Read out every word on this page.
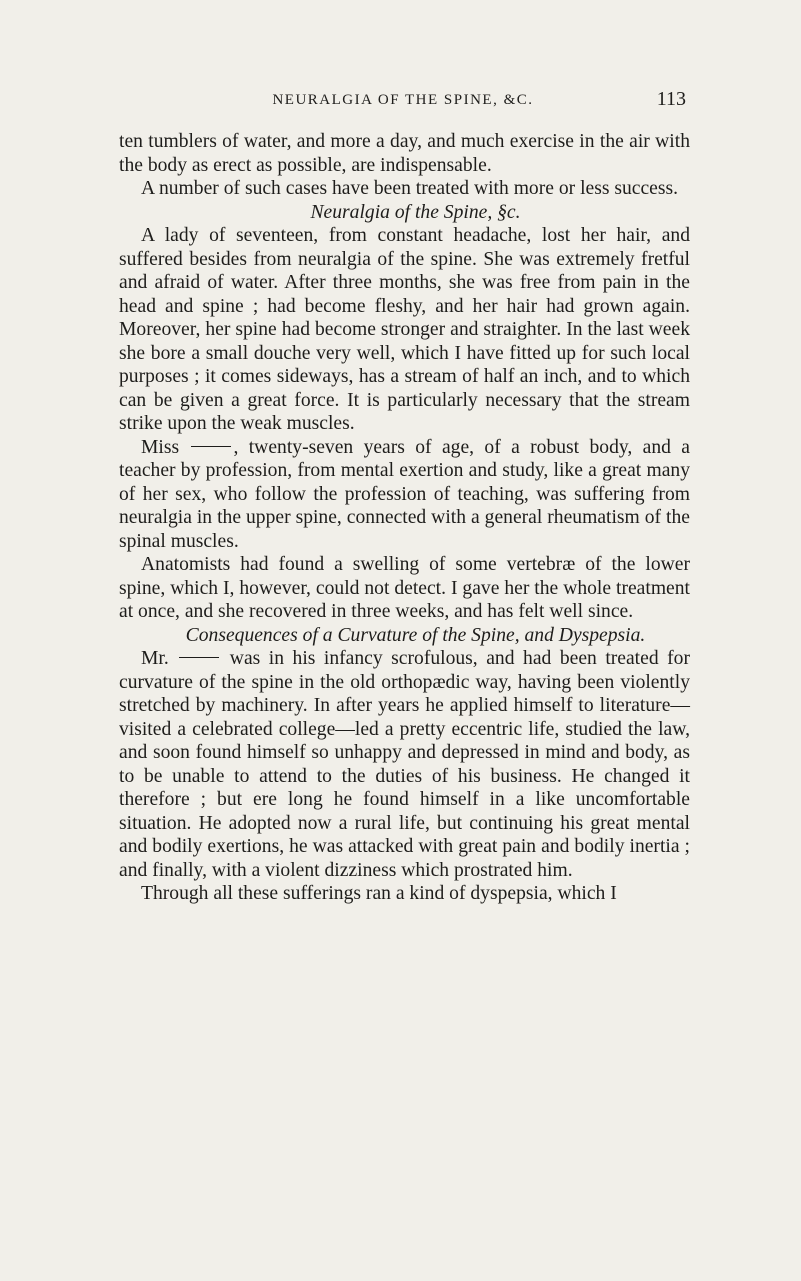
NEURALGIA OF THE SPINE, &C.	113

ten tumblers of water, and more a day, and much exercise in the air with the body as erect as possible, are indispensable.

A number of such cases have been treated with more or less success.

Neuralgia of the Spine, §c.

A lady of seventeen, from constant headache, lost her hair, and suffered besides from neuralgia of the spine. She was extremely fretful and afraid of water. After three months, she was free from pain in the head and spine ; had become fleshy, and her hair had grown again. Moreover, her spine had become stronger and straighter. In the last week she bore a small douche very well, which I have fitted up for such local purposes ; it comes sideways, has a stream of half an inch, and to which can be given a great force. It is particularly necessary that the stream strike upon the weak muscles.

Miss	, twenty-seven years of age, of a robust body, and a teacher by profession, from mental exertion and study, like a great many of her sex, who follow the profession of teaching, was suffering from neuralgia in the upper spine, connected with a general rheumatism of the spinal muscles.

Anatomists had found a swelling of some vertebræ of the lower spine, which I, however, could not detect. I gave her the whole treatment at once, and she recovered in three weeks, and has felt well since.

Consequences of a Curvature of the Spine, and Dyspepsia.

Mr.	was in his infancy scrofulous, and had been treated for curvature of the spine in the old orthopædic way, having been violently stretched by machinery. In after years he applied himself to literature—visited a celebrated college—led a pretty eccentric life, studied the law, and soon found himself so unhappy and depressed in mind and body, as to be unable to attend to the duties of his business. He changed it therefore ; but ere long he found himself in a like uncomfortable situation. He adopted now a rural life, but continuing his great mental and bodily exertions, he was attacked with great pain and bodily inertia ; and finally, with a violent dizziness which prostrated him.

Through all these sufferings ran a kind of dyspepsia, which I
